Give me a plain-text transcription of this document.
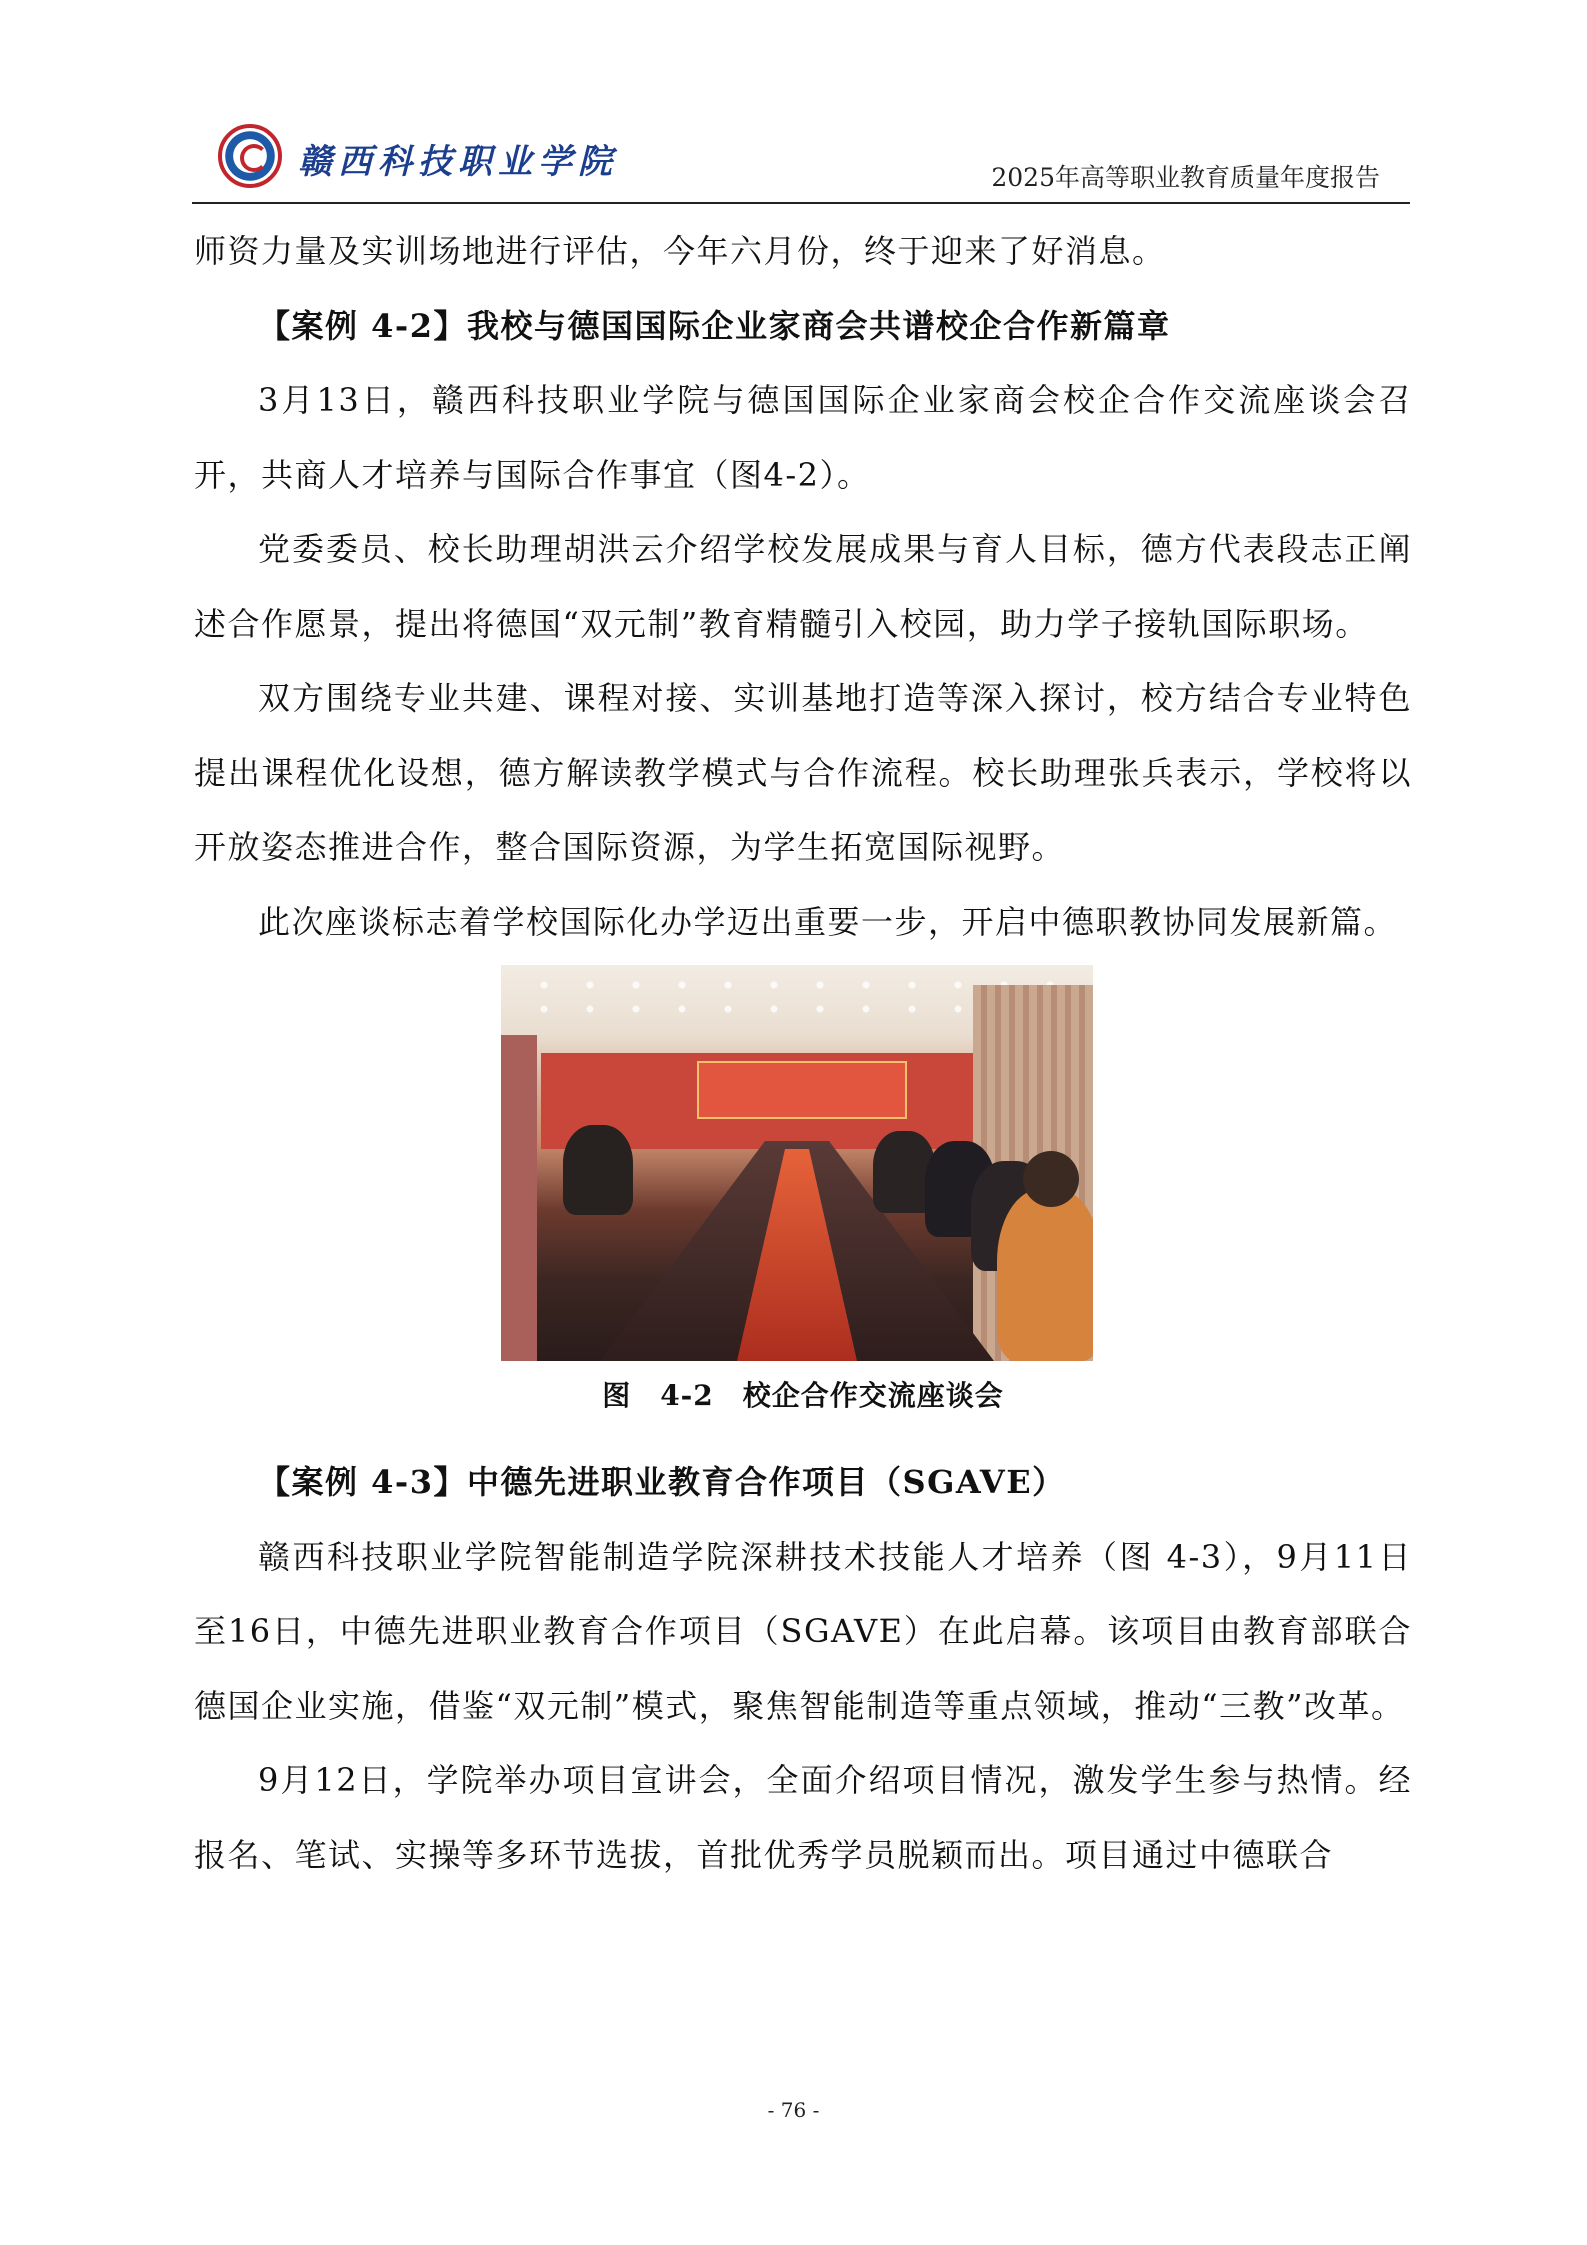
赣西科技职业学院	2025年高等职业教育质量年度报告

师资力量及实训场地进行评估，今年六月份，终于迎来了好消息。

【案例 4-2】我校与德国国际企业家商会共谱校企合作新篇章

3月13日，赣西科技职业学院与德国国际企业家商会校企合作交流座谈会召开，共商人才培养与国际合作事宜（图4-2）。

党委委员、校长助理胡洪云介绍学校发展成果与育人目标，德方代表段志正阐述合作愿景，提出将德国“双元制”教育精髓引入校园，助力学子接轨国际职场。

双方围绕专业共建、课程对接、实训基地打造等深入探讨，校方结合专业特色提出课程优化设想，德方解读教学模式与合作流程。校长助理张兵表示，学校将以开放姿态推进合作，整合国际资源，为学生拓宽国际视野。

此次座谈标志着学校国际化办学迈出重要一步，开启中德职教协同发展新篇。

图　4-2　校企合作交流座谈会

【案例 4-3】中德先进职业教育合作项目（SGAVE）

赣西科技职业学院智能制造学院深耕技术技能人才培养（图 4-3），9月11日至16日，中德先进职业教育合作项目（SGAVE）在此启幕。该项目由教育部联合德国企业实施，借鉴“双元制”模式，聚焦智能制造等重点领域，推动“三教”改革。

9月12日，学院举办项目宣讲会，全面介绍项目情况，激发学生参与热情。经报名、笔试、实操等多环节选拔，首批优秀学员脱颖而出。项目通过中德联合

- 76 -
